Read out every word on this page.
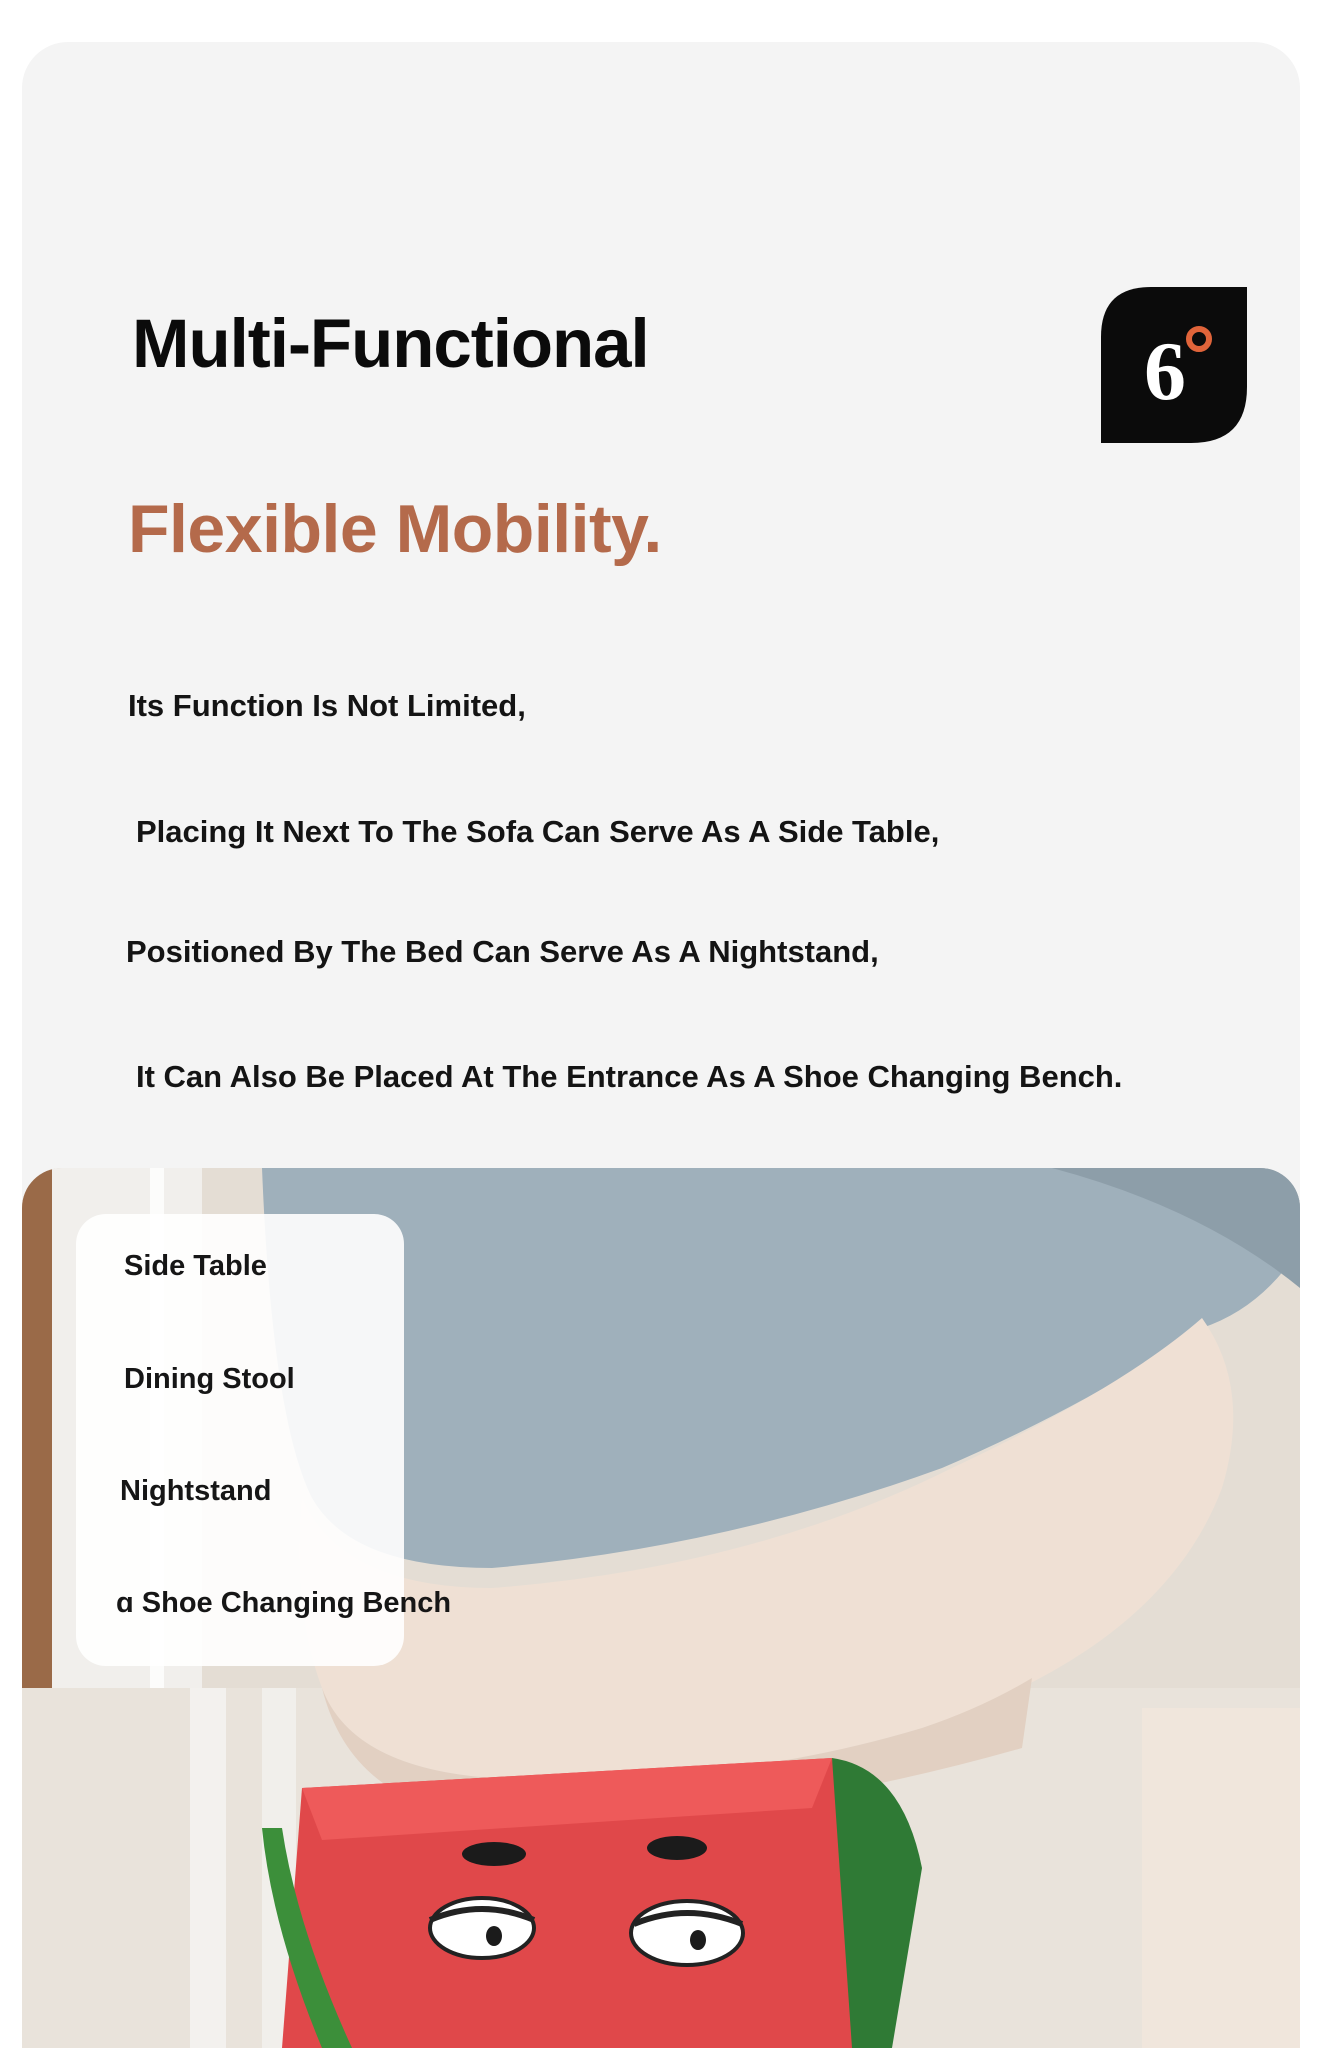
Multi-Functional
Flexible Mobility.
6

Its Function Is Not Limited,

Placing It Next To The Sofa Can Serve As A Side Table,

Positioned By The Bed Can Serve As A Nightstand,

It Can Also Be Placed At The Entrance As A Shoe Changing Bench.

Side Table

Dining Stool

Nightstand

ɑ Shoe Changing Bench
